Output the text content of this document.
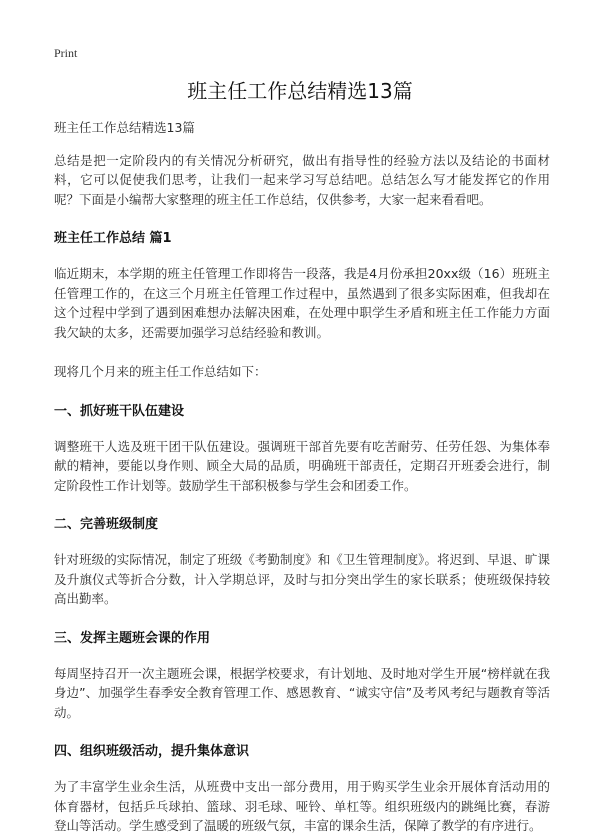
Print
班主任工作总结精选13篇

班主任工作总结精选13篇

总结是把一定阶段内的有关情况分析研究，做出有指导性的经验方法以及结论的书面材料，它可以促使我们思考，让我们一起来学习写总结吧。总结怎么写才能发挥它的作用呢？下面是小编帮大家整理的班主任工作总结，仅供参考，大家一起来看看吧。

班主任工作总结 篇1

临近期末，本学期的班主任管理工作即将告一段落，我是4月份承担20xx级（16）班班主任管理工作的，在这三个月班主任管理工作过程中，虽然遇到了很多实际困难，但我却在这个过程中学到了遇到困难想办法解决困难，在处理中职学生矛盾和班主任工作能力方面我欠缺的太多，还需要加强学习总结经验和教训。

现将几个月来的班主任工作总结如下：

一、抓好班干队伍建设

调整班干人选及班干团干队伍建设。强调班干部首先要有吃苦耐劳、任劳任怨、为集体奉献的精神，要能以身作则、顾全大局的品质，明确班干部责任，定期召开班委会进行，制定阶段性工作计划等。鼓励学生干部积极参与学生会和团委工作。

二、完善班级制度

针对班级的实际情况，制定了班级《考勤制度》和《卫生管理制度》。将迟到、早退、旷课及升旗仪式等折合分数，计入学期总评，及时与扣分突出学生的家长联系；使班级保持较高出勤率。

三、发挥主题班会课的作用

每周坚持召开一次主题班会课，根据学校要求，有计划地、及时地对学生开展“榜样就在我身边”、加强学生春季安全教育管理工作、感恩教育、“诚实守信”及考风考纪与题教育等活动。

四、组织班级活动，提升集体意识

为了丰富学生业余生活，从班费中支出一部分费用，用于购买学生业余开展体育活动用的体育器材，包括乒乓球拍、篮球、羽毛球、哑铃、单杠等。组织班级内的跳绳比赛，春游登山等活动。学生感受到了温暖的班级气氛，丰富的课余生活，保障了教学的有序进行。
